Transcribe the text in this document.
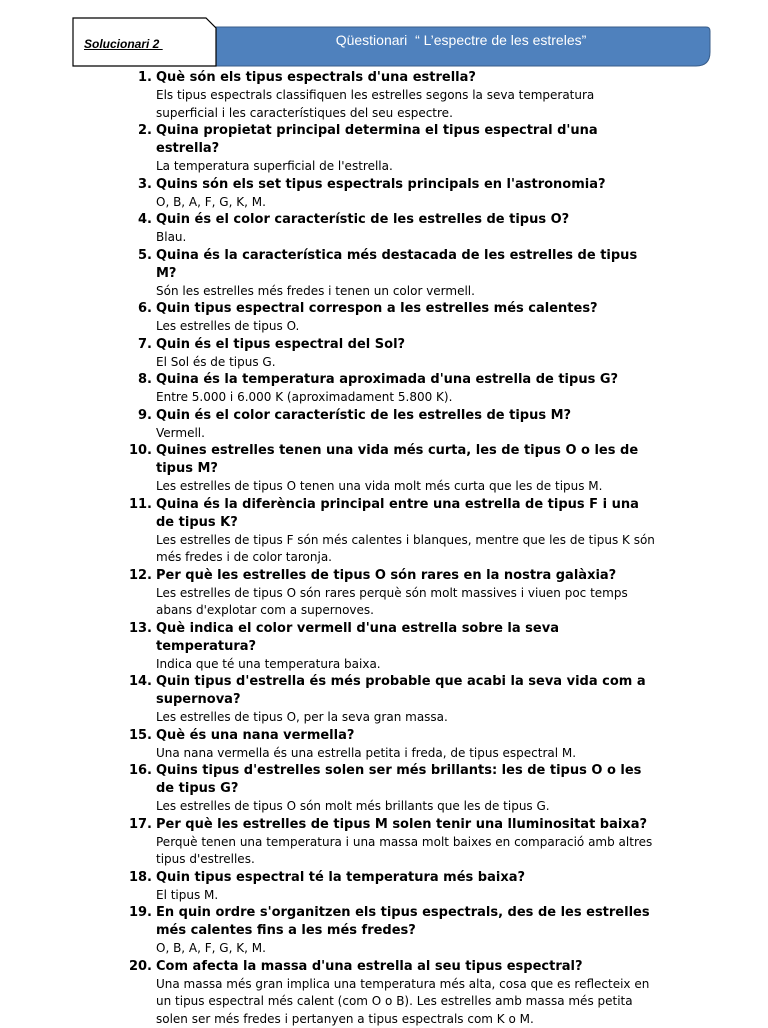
Solucionari 2	Qüestionari  “ L’espectre de les estreles”
1. Què són els tipus espectrals d'una estrella?
Els tipus espectrals classifiquen les estrelles segons la seva temperatura superficial i les característiques del seu espectre.
2. Quina propietat principal determina el tipus espectral d'una estrella?
La temperatura superficial de l'estrella.
3. Quins són els set tipus espectrals principals en l'astronomia?
O, B, A, F, G, K, M.
4. Quin és el color característic de les estrelles de tipus O?
Blau.
5. Quina és la característica més destacada de les estrelles de tipus M?
Són les estrelles més fredes i tenen un color vermell.
6. Quin tipus espectral correspon a les estrelles més calentes?
Les estrelles de tipus O.
7. Quin és el tipus espectral del Sol?
El Sol és de tipus G.
8. Quina és la temperatura aproximada d'una estrella de tipus G?
Entre 5.000 i 6.000 K (aproximadament 5.800 K).
9. Quin és el color característic de les estrelles de tipus M?
Vermell.
10. Quines estrelles tenen una vida més curta, les de tipus O o les de tipus M?
Les estrelles de tipus O tenen una vida molt més curta que les de tipus M.
11. Quina és la diferència principal entre una estrella de tipus F i una de tipus K?
Les estrelles de tipus F són més calentes i blanques, mentre que les de tipus K són més fredes i de color taronja.
12. Per què les estrelles de tipus O són rares en la nostra galàxia?
Les estrelles de tipus O són rares perquè són molt massives i viuen poc temps abans d'explotar com a supernoves.
13. Què indica el color vermell d'una estrella sobre la seva temperatura?
Indica que té una temperatura baixa.
14. Quin tipus d'estrella és més probable que acabi la seva vida com a supernova?
Les estrelles de tipus O, per la seva gran massa.
15. Què és una nana vermella?
Una nana vermella és una estrella petita i freda, de tipus espectral M.
16. Quins tipus d'estrelles solen ser més brillants: les de tipus O o les de tipus G?
Les estrelles de tipus O són molt més brillants que les de tipus G.
17. Per què les estrelles de tipus M solen tenir una lluminositat baixa?
Perquè tenen una temperatura i una massa molt baixes en comparació amb altres tipus d'estrelles.
18. Quin tipus espectral té la temperatura més baixa?
El tipus M.
19. En quin ordre s'organitzen els tipus espectrals, des de les estrelles més calentes fins a les més fredes?
O, B, A, F, G, K, M.
20. Com afecta la massa d'una estrella al seu tipus espectral?
Una massa més gran implica una temperatura més alta, cosa que es reflecteix en un tipus espectral més calent (com O o B). Les estrelles amb massa més petita solen ser més fredes i pertanyen a tipus espectrals com K o M.
